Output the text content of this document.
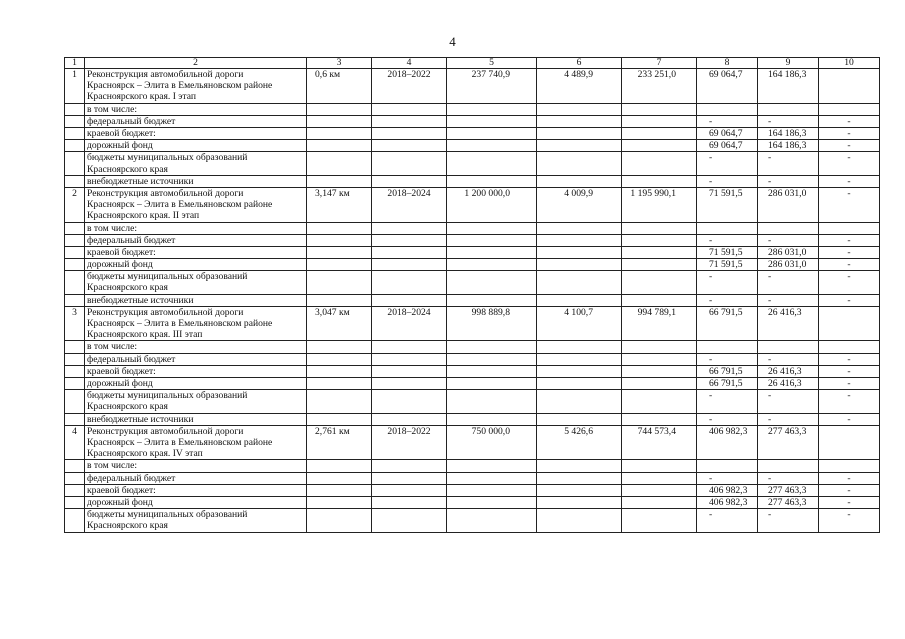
4
1	2	3	4	5	6	7	8	9	10
1	Реконструкция автомобильной дороги
Красноярск – Элита в Емельяновском районе
Красноярского края. I этап	0,6 км	2018–2022	237 740,9	4 489,9	233 251,0	69 064,7	164 186,3	

	в том числе:								

	федеральный бюджет						-	-	-

	краевой бюджет:						69 064,7	164 186,3	-

	дорожный фонд						69 064,7	164 186,3	-

	бюджеты муниципальных образований
Красноярского края						-	-	-

	внебюджетные источники						-	-	-
2	Реконструкция автомобильной дороги
Красноярск – Элита в Емельяновском районе
Красноярского края. II этап	3,147 км	2018–2024	1 200 000,0	4 009,9	1 195 990,1	71 591,5	286 031,0	-

	в том числе:								

	федеральный бюджет						-	-	-

	краевой бюджет:						71 591,5	286 031,0	-

	дорожный фонд						71 591,5	286 031,0	-

	бюджеты муниципальных образований
Красноярского края						-	-	-

	внебюджетные источники						-	-	-
3	Реконструкция автомобильной дороги
Красноярск – Элита в Емельяновском районе
Красноярского края. III этап	3,047 км	2018–2024	998 889,8	4 100,7	994 789,1	66 791,5	26 416,3	

	в том числе:								

	федеральный бюджет						-	-	-

	краевой бюджет:						66 791,5	26 416,3	-

	дорожный фонд						66 791,5	26 416,3	-

	бюджеты муниципальных образований
Красноярского края						-	-	-

	внебюджетные источники						-	-	-
4	Реконструкция автомобильной дороги
Красноярск – Элита в Емельяновском районе
Красноярского края. IV этап	2,761 км	2018–2022	750 000,0	5 426,6	744 573,4	406 982,3	277 463,3	

	в том числе:								

	федеральный бюджет						-	-	-

	краевой бюджет:						406 982,3	277 463,3	-

	дорожный фонд						406 982,3	277 463,3	-

	бюджеты муниципальных образований
Красноярского края						-	-	-
